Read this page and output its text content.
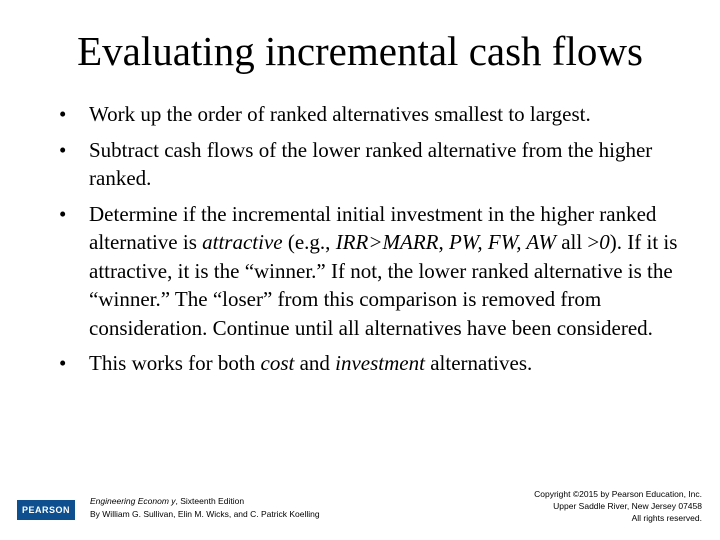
Evaluating incremental cash flows
• Work up the order of ranked alternatives smallest to largest.
• Subtract cash flows of the lower ranked alternative from the higher ranked.
• Determine if the incremental initial investment in the higher ranked alternative is attractive (e.g., IRR>MARR, PW, FW, AW all >0). If it is attractive, it is the “winner.” If not, the lower ranked alternative is the “winner.” The “loser” from this comparison is removed from consideration. Continue until all alternatives have been considered.
• This works for both cost and investment alternatives.
PEARSON
Engineering Econom y, Sixteenth Edition
By William G. Sullivan, Elin M. Wicks, and C. Patrick Koelling
Copyright ©2015 by Pearson Education, Inc.
Upper Saddle River, New Jersey 07458
All rights reserved.
